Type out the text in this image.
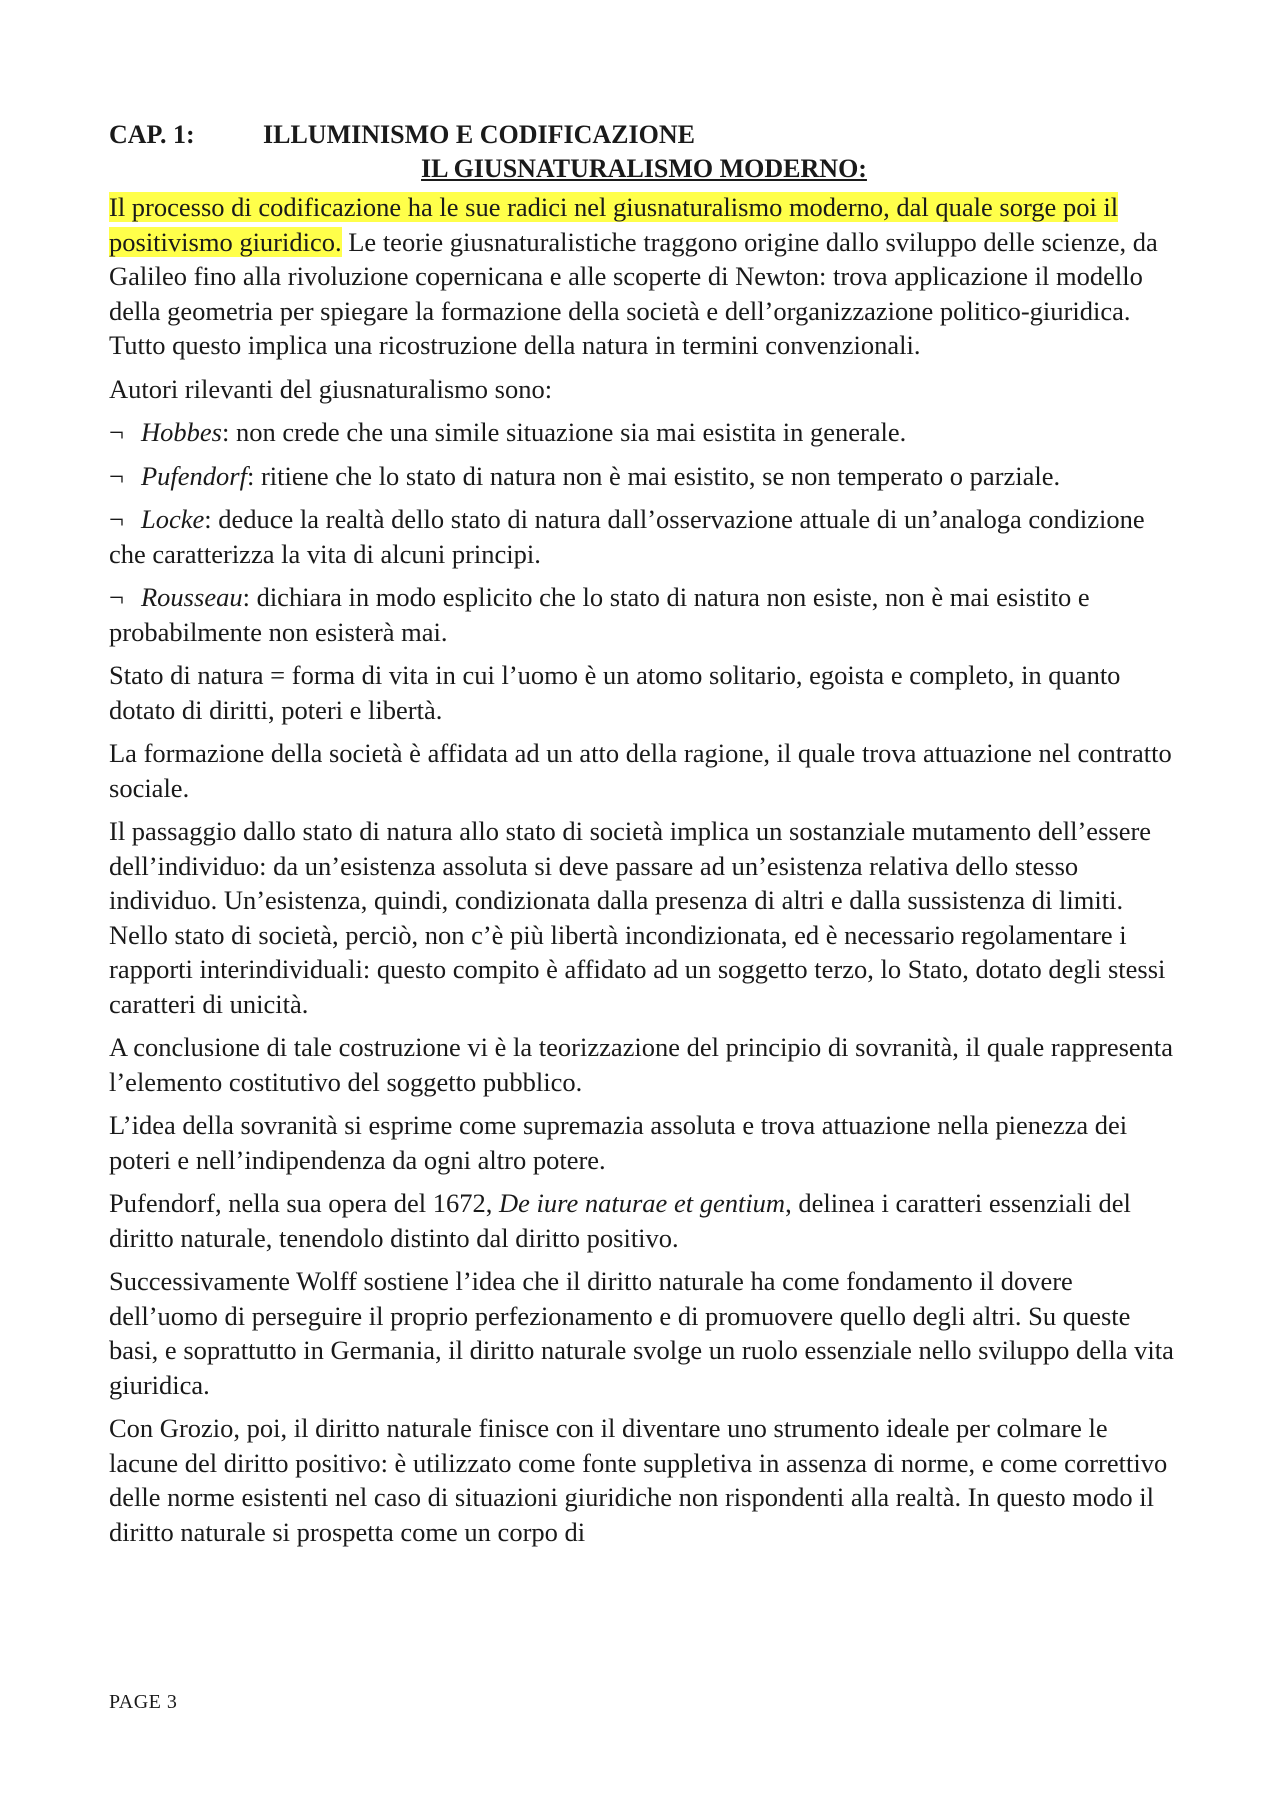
CAP. 1:	ILLUMINISMO E CODIFICAZIONE
IL GIUSNATURALISMO MODERNO:

Il processo di codificazione ha le sue radici nel giusnaturalismo moderno, dal quale sorge poi il positivismo giuridico. Le teorie giusnaturalistiche traggono origine dallo sviluppo delle scienze, da Galileo fino alla rivoluzione copernicana e alle scoperte di Newton: trova applicazione il modello della geometria per spiegare la formazione della società e dell’organizzazione politico-giuridica. Tutto questo implica una ricostruzione della natura in termini convenzionali.

Autori rilevanti del giusnaturalismo sono:

¬ Hobbes: non crede che una simile situazione sia mai esistita in generale.
¬ Pufendorf: ritiene che lo stato di natura non è mai esistito, se non temperato o parziale.
¬ Locke: deduce la realtà dello stato di natura dall’osservazione attuale di un’analoga condizione che caratterizza la vita di alcuni principi.
¬ Rousseau: dichiara in modo esplicito che lo stato di natura non esiste, non è mai esistito e probabilmente non esisterà mai.

Stato di natura = forma di vita in cui l’uomo è un atomo solitario, egoista e completo, in quanto dotato di diritti, poteri e libertà.

La formazione della società è affidata ad un atto della ragione, il quale trova attuazione nel contratto sociale.

Il passaggio dallo stato di natura allo stato di società implica un sostanziale mutamento dell’essere dell’individuo: da un’esistenza assoluta si deve passare ad un’esistenza relativa dello stesso individuo. Un’esistenza, quindi, condizionata dalla presenza di altri e dalla sussistenza di limiti. Nello stato di società, perciò, non c’è più libertà incondizionata, ed è necessario regolamentare i rapporti interindividuali: questo compito è affidato ad un soggetto terzo, lo Stato, dotato degli stessi caratteri di unicità.

A conclusione di tale costruzione vi è la teorizzazione del principio di sovranità, il quale rappresenta l’elemento costitutivo del soggetto pubblico.

L’idea della sovranità si esprime come supremazia assoluta e trova attuazione nella pienezza dei poteri e nell’indipendenza da ogni altro potere.

Pufendorf, nella sua opera del 1672, De iure naturae et gentium, delinea i caratteri essenziali del diritto naturale, tenendolo distinto dal diritto positivo.

Successivamente Wolff sostiene l’idea che il diritto naturale ha come fondamento il dovere dell’uomo di perseguire il proprio perfezionamento e di promuovere quello degli altri. Su queste basi, e soprattutto in Germania, il diritto naturale svolge un ruolo essenziale nello sviluppo della vita giuridica.

Con Grozio, poi, il diritto naturale finisce con il diventare uno strumento ideale per colmare le lacune del diritto positivo: è utilizzato come fonte suppletiva in assenza di norme, e come correttivo delle norme esistenti nel caso di situazioni giuridiche non rispondenti alla realtà. In questo modo il diritto naturale si prospetta come un corpo di

PAGE 3
